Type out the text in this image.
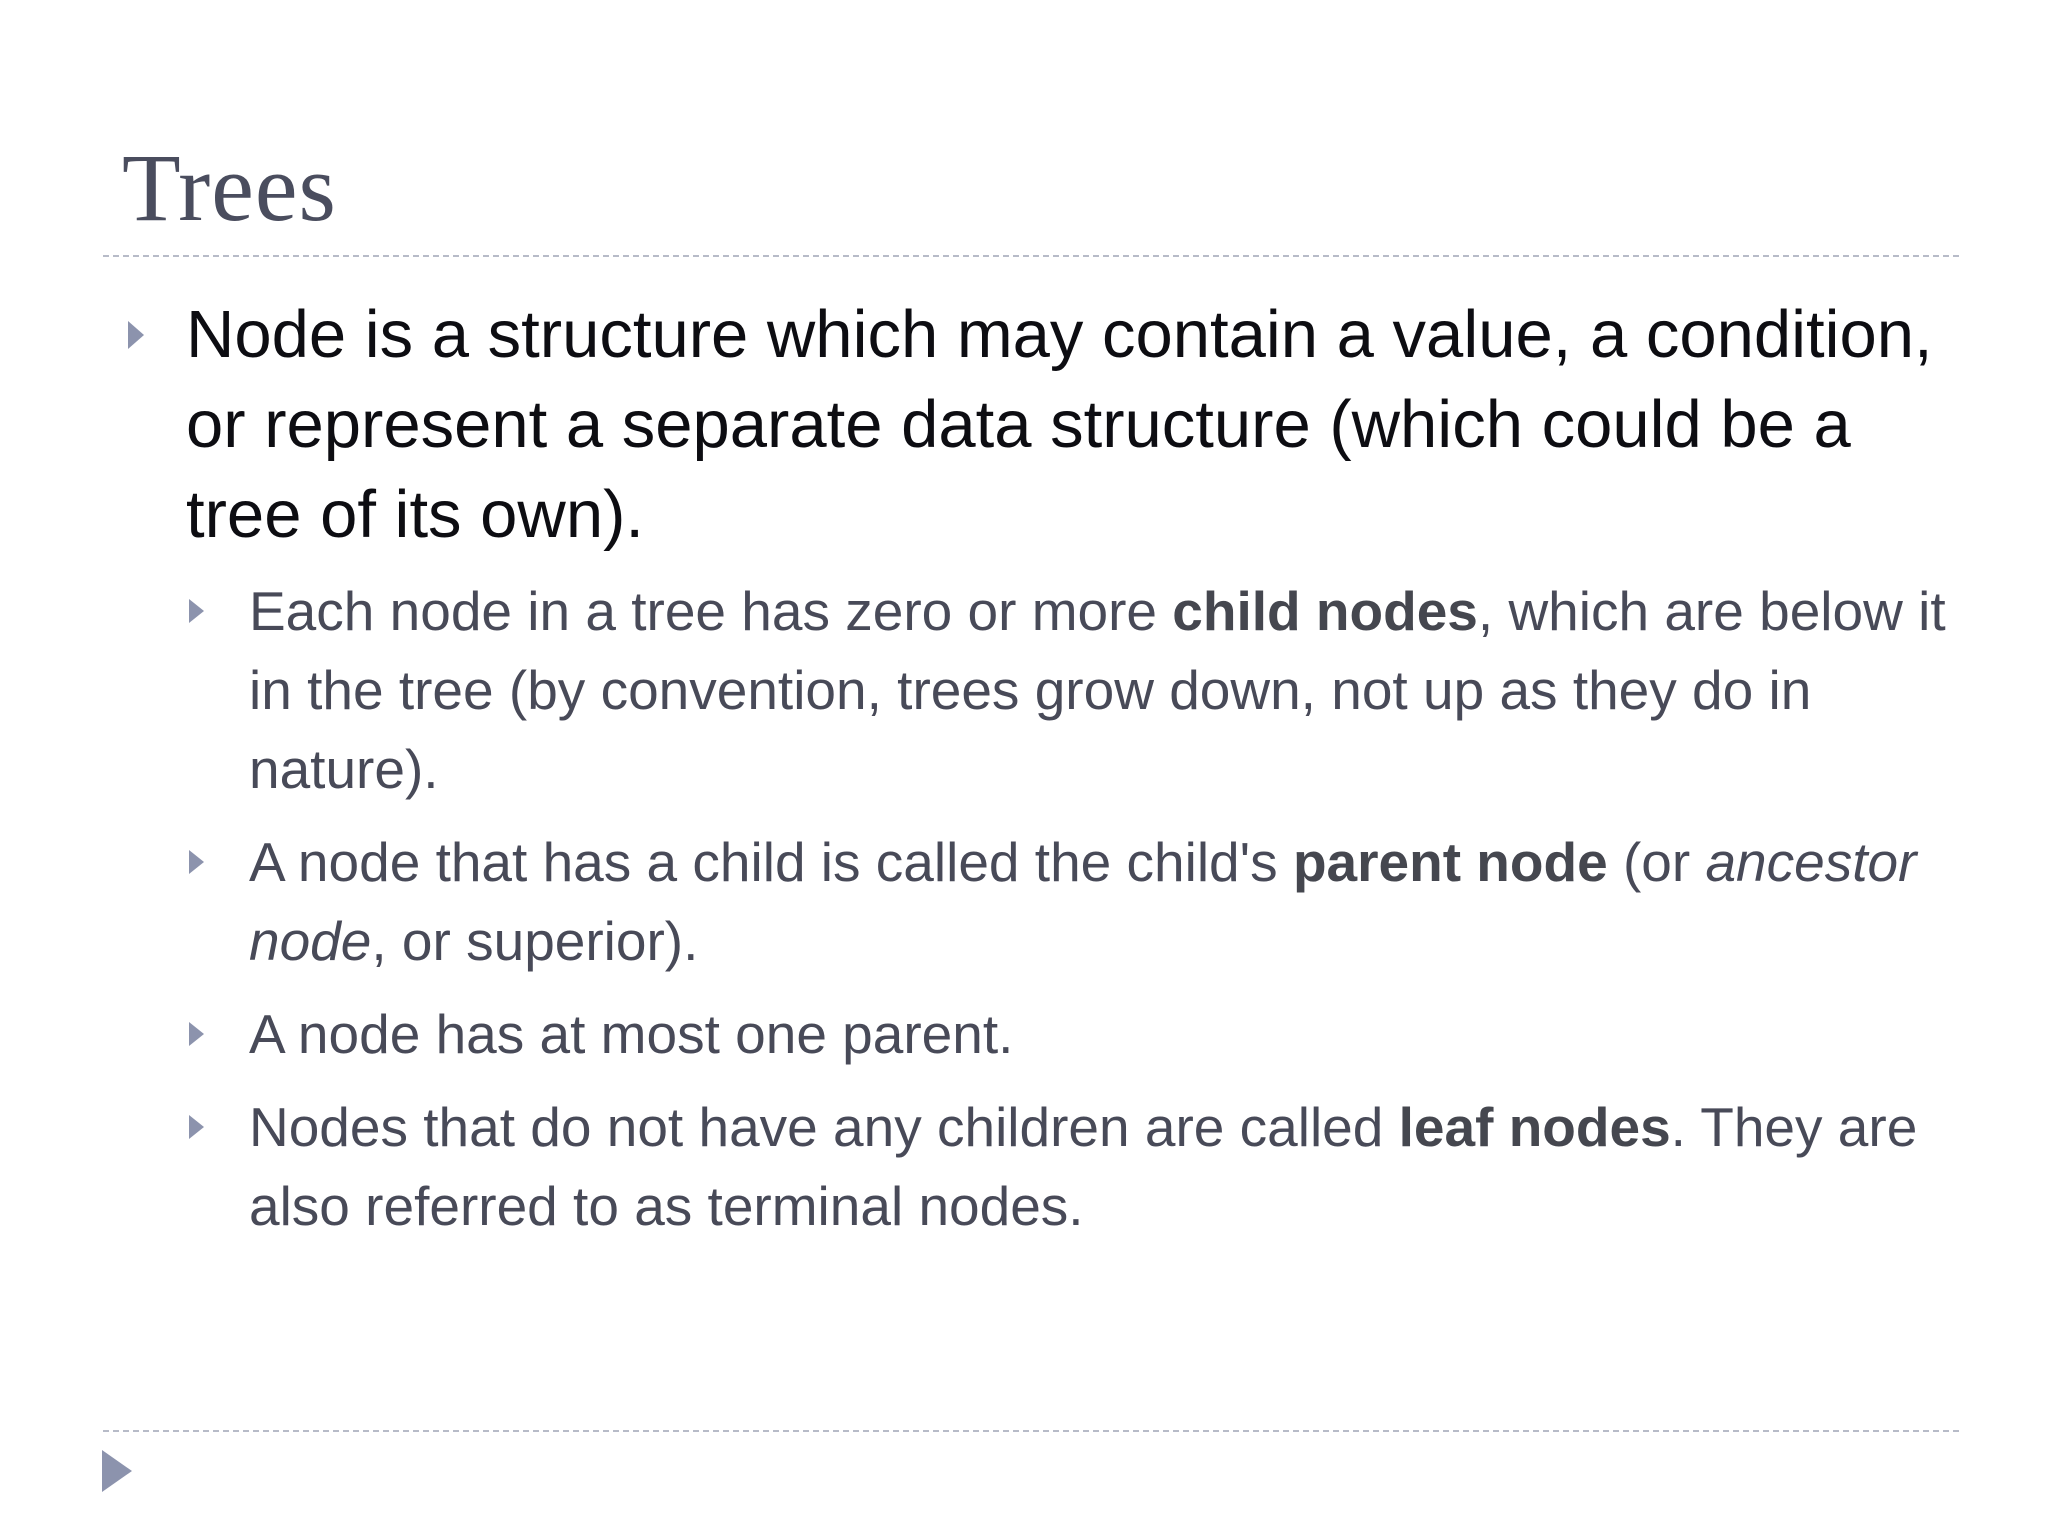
Trees
Node is a structure which may contain a value, a condition, or represent a separate data structure (which could be a tree of its own).
Each node in a tree has zero or more child nodes, which are below it in the tree (by convention, trees grow down, not up as they do in nature).
A node that has a child is called the child's parent node (or ancestor node, or superior).
A node has at most one parent.
Nodes that do not have any children are called leaf nodes. They are also referred to as terminal nodes.
